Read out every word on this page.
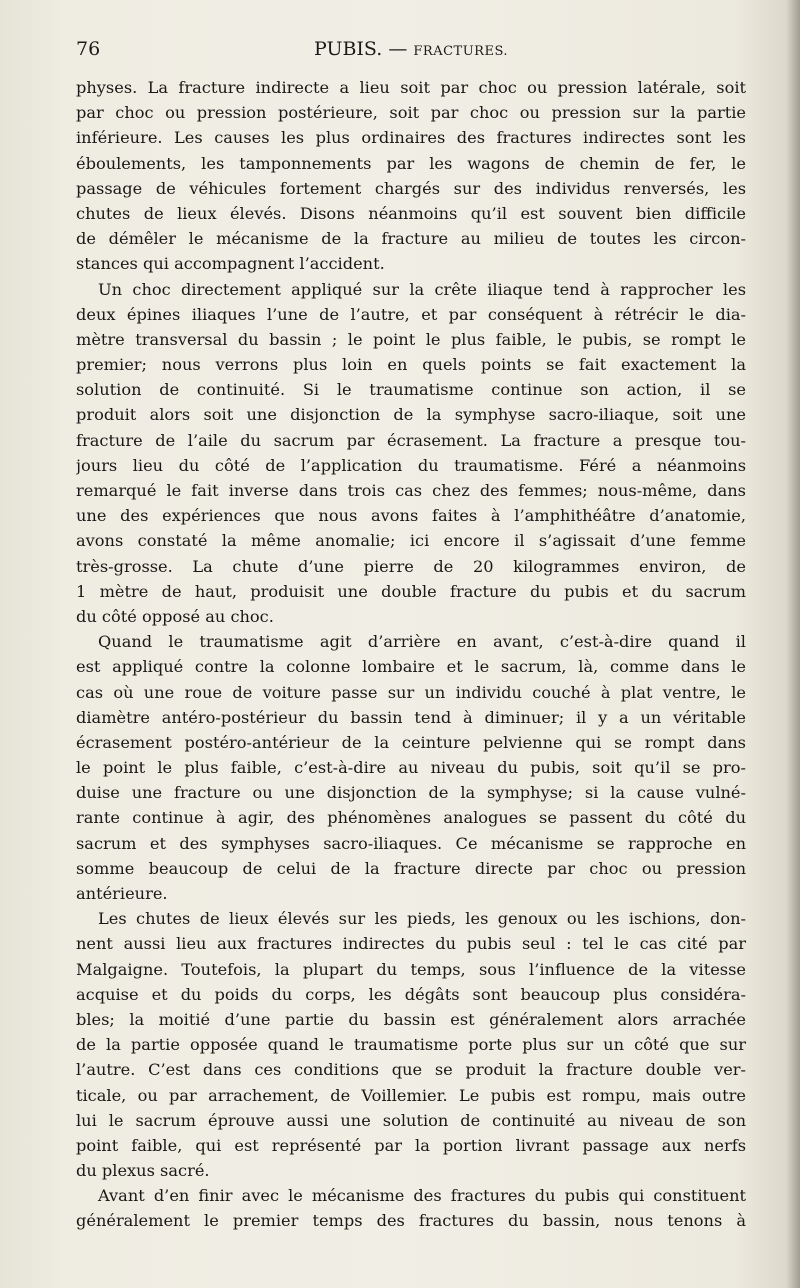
76	PUBIS. — FRACTURES.
physes. La fracture indirecte a lieu soit par choc ou pression latérale, soit
par choc ou pression postérieure, soit par choc ou pression sur la partie
inférieure. Les causes les plus ordinaires des fractures indirectes sont les
éboulements, les tamponnements par les wagons de chemin de fer, le
passage de véhicules fortement chargés sur des individus renversés, les
chutes de lieux élevés. Disons néanmoins qu’il est souvent bien difficile
de démêler le mécanisme de la fracture au milieu de toutes les circon-
stances qui accompagnent l’accident.
Un choc directement appliqué sur la crête iliaque tend à rapprocher les
deux épines iliaques l’une de l’autre, et par conséquent à rétrécir le dia-
mètre transversal du bassin ; le point le plus faible, le pubis, se rompt le
premier; nous verrons plus loin en quels points se fait exactement la
solution de continuité. Si le traumatisme continue son action, il se
produit alors soit une disjonction de la symphyse sacro-iliaque, soit une
fracture de l’aile du sacrum par écrasement. La fracture a presque tou-
jours lieu du côté de l’application du traumatisme. Féré a néanmoins
remarqué le fait inverse dans trois cas chez des femmes; nous-même, dans
une des expériences que nous avons faites à l’amphithéâtre d’anatomie,
avons constaté la même anomalie; ici encore il s’agissait d’une femme
très-grosse. La chute d’une pierre de 20 kilogrammes environ, de
1 mètre de haut, produisit une double fracture du pubis et du sacrum
du côté opposé au choc.
Quand le traumatisme agit d’arrière en avant, c’est-à-dire quand il
est appliqué contre la colonne lombaire et le sacrum, là, comme dans le
cas où une roue de voiture passe sur un individu couché à plat ventre, le
diamètre antéro-postérieur du bassin tend à diminuer; il y a un véritable
écrasement postéro-antérieur de la ceinture pelvienne qui se rompt dans
le point le plus faible, c’est-à-dire au niveau du pubis, soit qu’il se pro-
duise une fracture ou une disjonction de la symphyse; si la cause vulné-
rante continue à agir, des phénomènes analogues se passent du côté du
sacrum et des symphyses sacro-iliaques. Ce mécanisme se rapproche en
somme beaucoup de celui de la fracture directe par choc ou pression
antérieure.
Les chutes de lieux élevés sur les pieds, les genoux ou les ischions, don-
nent aussi lieu aux fractures indirectes du pubis seul : tel le cas cité par
Malgaigne. Toutefois, la plupart du temps, sous l’influence de la vitesse
acquise et du poids du corps, les dégâts sont beaucoup plus considéra-
bles; la moitié d’une partie du bassin est généralement alors arrachée
de la partie opposée quand le traumatisme porte plus sur un côté que sur
l’autre. C’est dans ces conditions que se produit la fracture double ver-
ticale, ou par arrachement, de Voillemier. Le pubis est rompu, mais outre
lui le sacrum éprouve aussi une solution de continuité au niveau de son
point faible, qui est représenté par la portion livrant passage aux nerfs
du plexus sacré.
Avant d’en finir avec le mécanisme des fractures du pubis qui constituent
généralement le premier temps des fractures du bassin, nous tenons à
